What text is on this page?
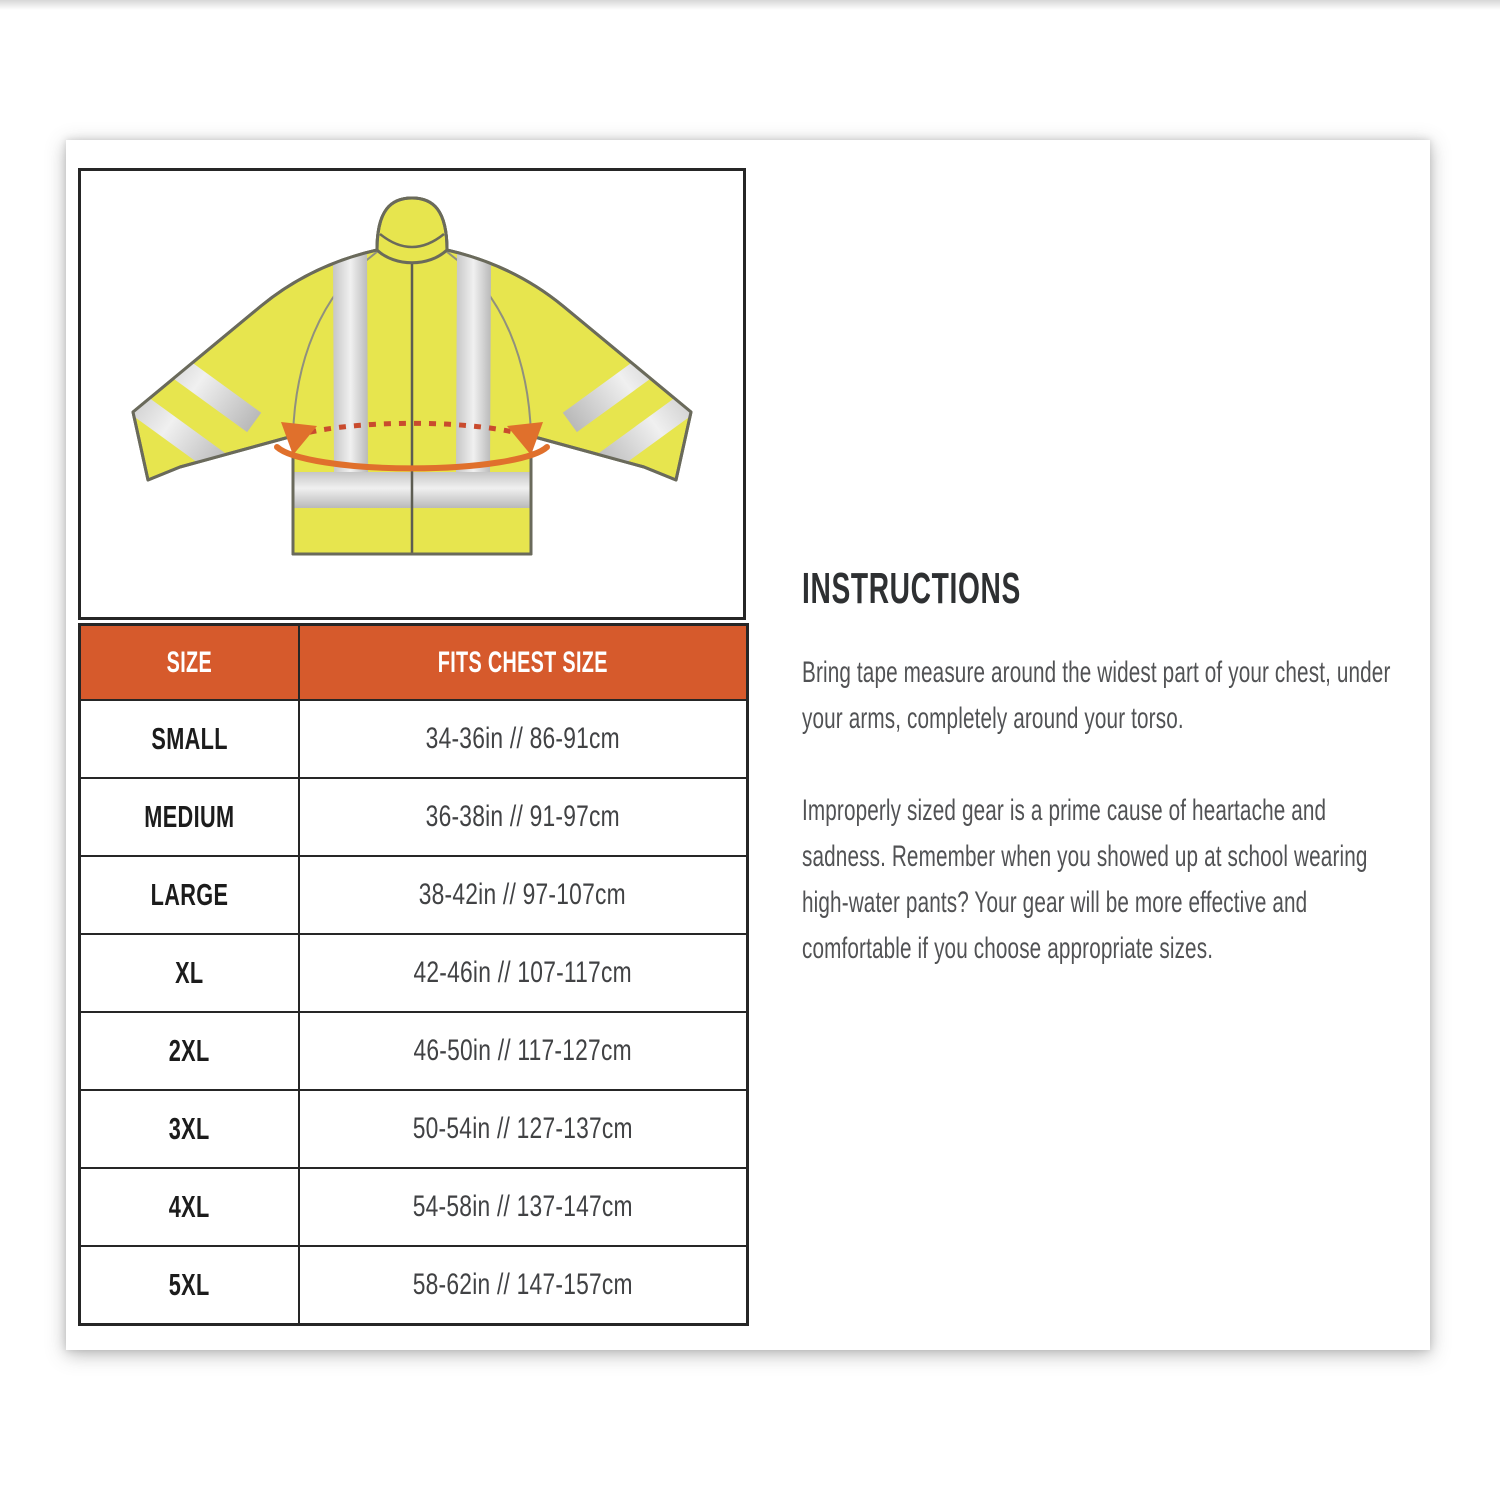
SIZE	FITS CHEST SIZE
SMALL	34-36in // 86-91cm
MEDIUM	36-38in // 91-97cm
LARGE	38-42in // 97-107cm
XL	42-46in // 107-117cm
2XL	46-50in // 117-127cm
3XL	50-54in // 127-137cm
4XL	54-58in // 137-147cm
5XL	58-62in // 147-157cm
INSTRUCTIONS
Bring tape measure around the widest part of your chest, under
your arms, completely around your torso.
Improperly sized gear is a prime cause of heartache and
sadness. Remember when you showed up at school wearing
high-water pants? Your gear will be more effective and
comfortable if you choose appropriate sizes.
